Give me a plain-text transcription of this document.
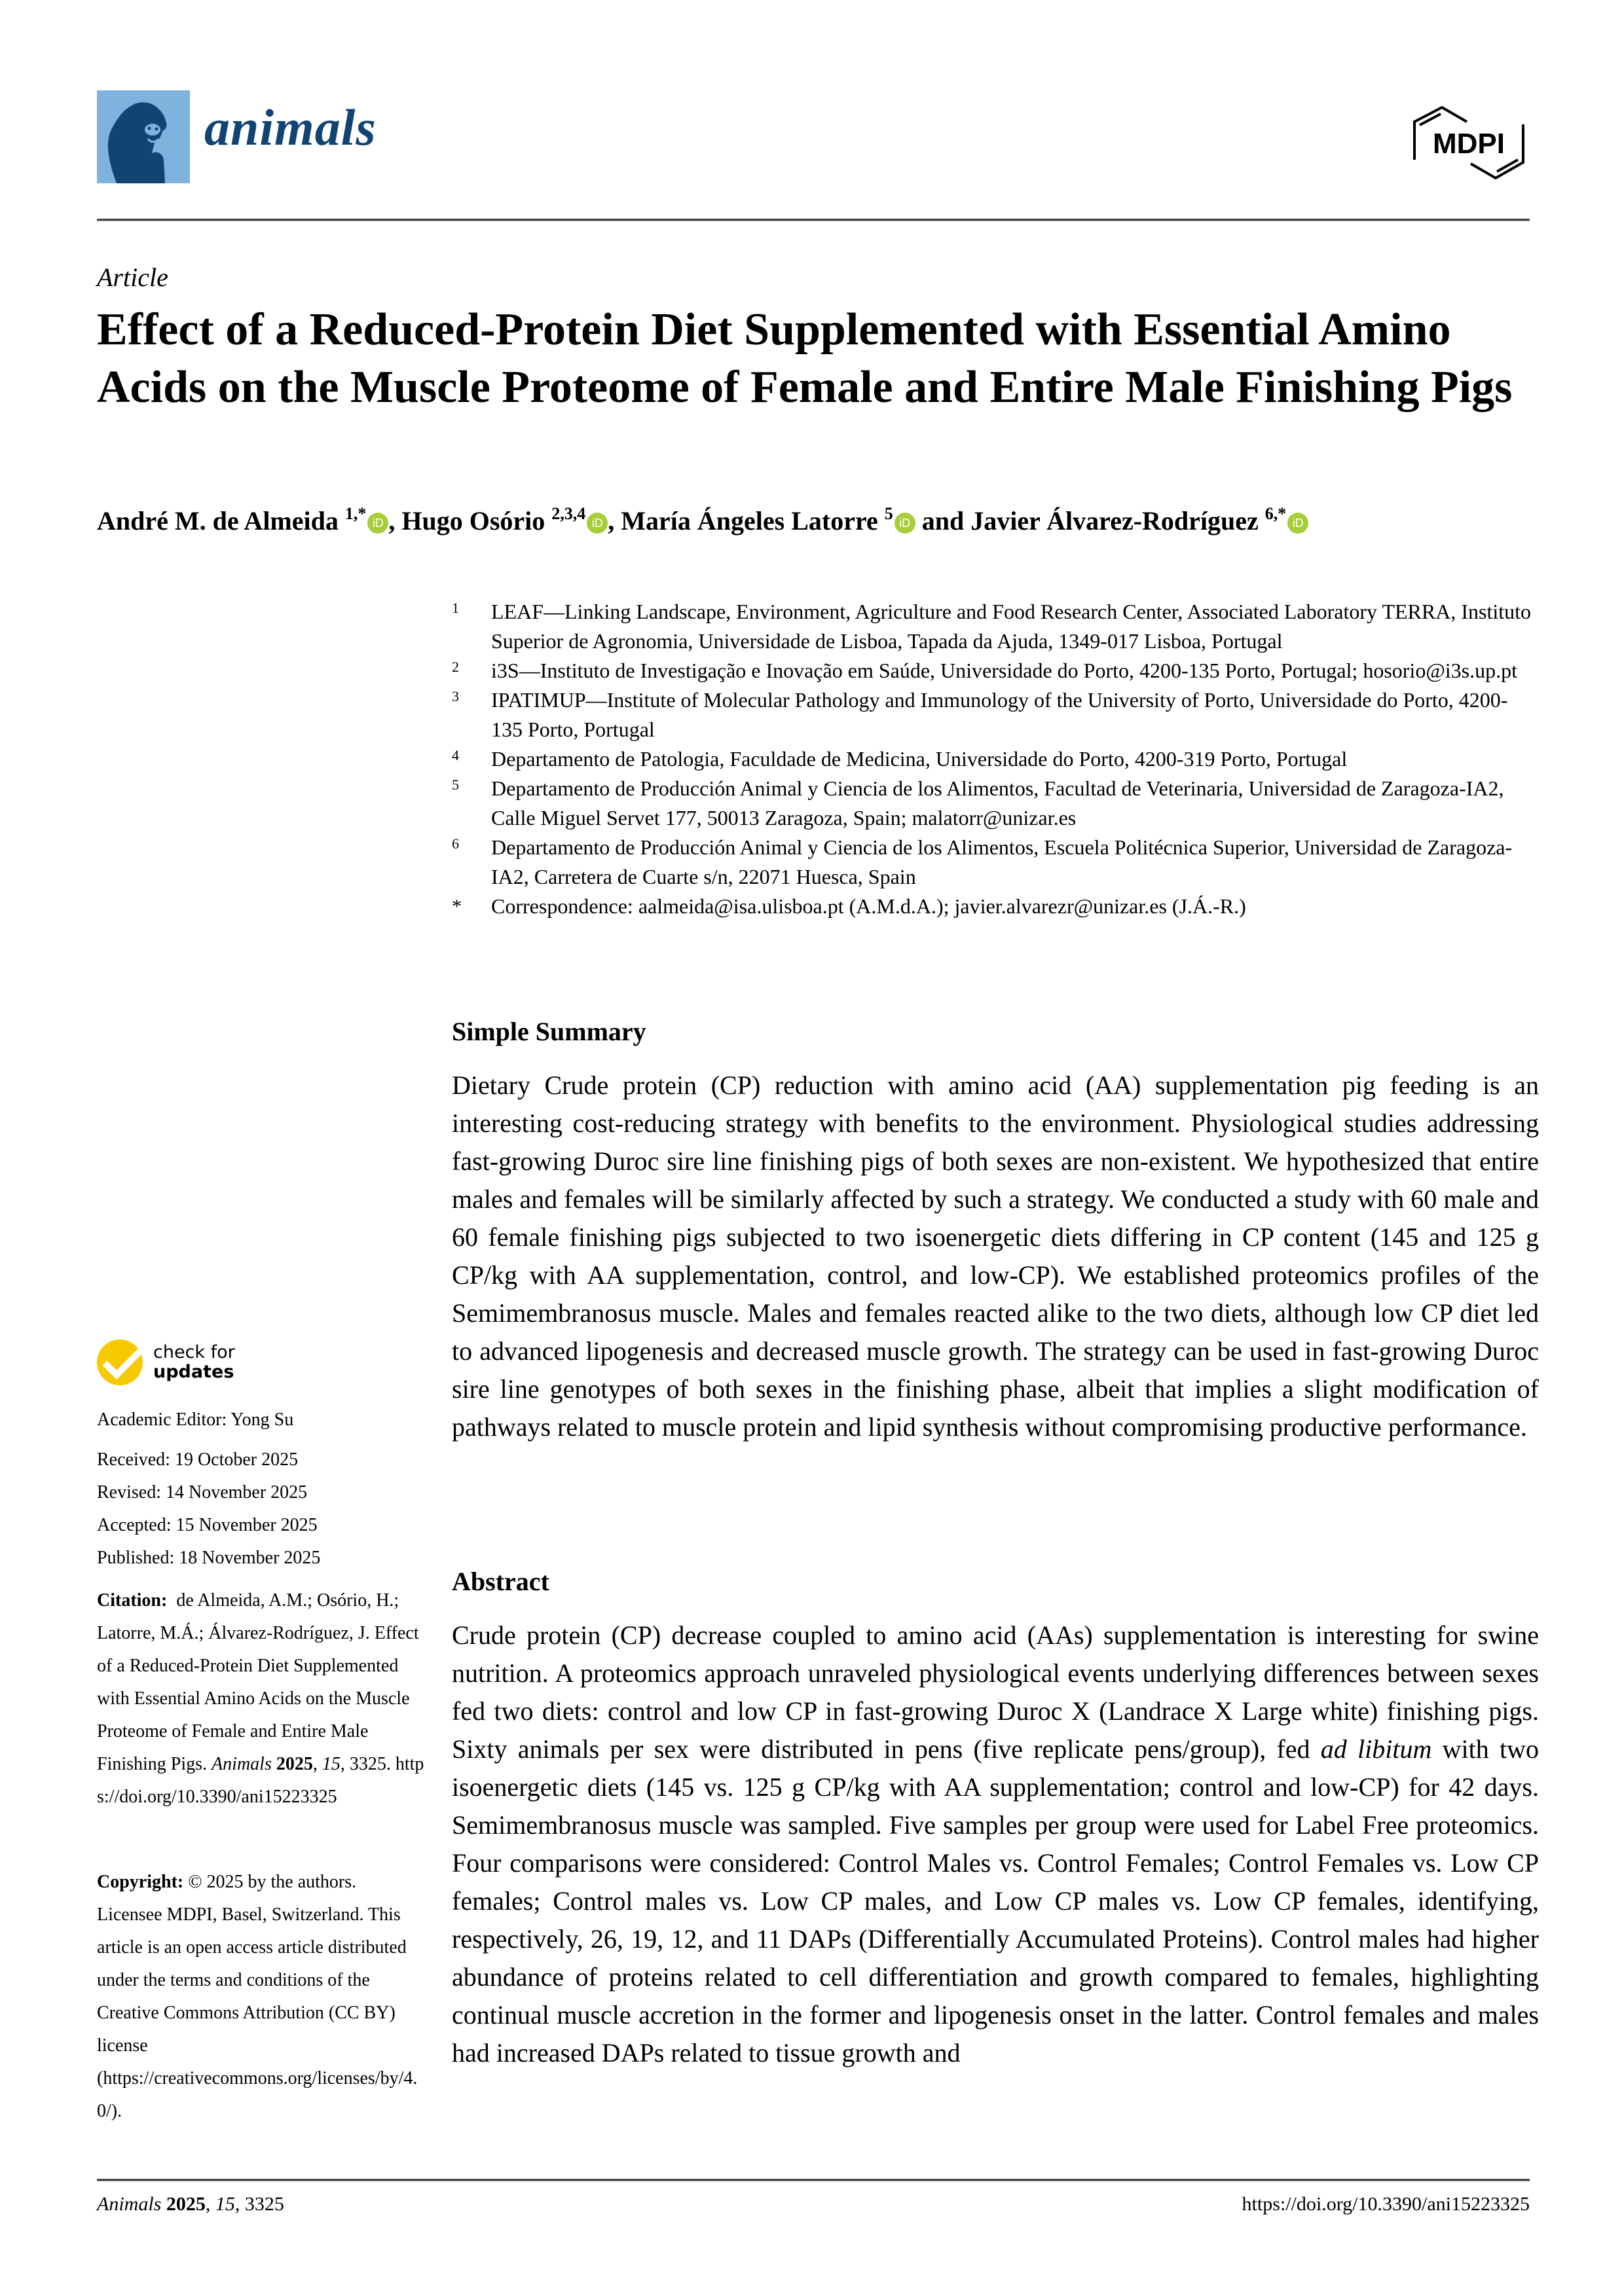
animals	MDPI
Article
Effect of a Reduced-Protein Diet Supplemented with Essential Amino Acids on the Muscle Proteome of Female and Entire Male Finishing Pigs
André M. de Almeida $^{1,*}$ iD , Hugo Osório $^{2,3,4}$ iD , María Ángeles Latorre $^5$ iD and Javier Álvarez-Rodríguez $^{6,*}$ iD
1 LEAF—Linking Landscape, Environment, Agriculture and Food Research Center, Associated Laboratory TERRA, Instituto Superior de Agronomia, Universidade de Lisboa, Tapada da Ajuda, 1349-017 Lisboa, Portugal
2 i3S—Instituto de Investigação e Inovação em Saúde, Universidade do Porto, 4200-135 Porto, Portugal; hosorio@i3s.up.pt
3 IPATIMUP—Institute of Molecular Pathology and Immunology of the University of Porto, Universidade do Porto, 4200-135 Porto, Portugal
4 Departamento de Patologia, Faculdade de Medicina, Universidade do Porto, 4200-319 Porto, Portugal
5 Departamento de Producción Animal y Ciencia de los Alimentos, Facultad de Veterinaria, Universidad de Zaragoza-IA2, Calle Miguel Servet 177, 50013 Zaragoza, Spain; malatorr@unizar.es
6 Departamento de Producción Animal y Ciencia de los Alimentos, Escuela Politécnica Superior, Universidad de Zaragoza-IA2, Carretera de Cuarte s/n, 22071 Huesca, Spain
* Correspondence: aalmeida@isa.ulisboa.pt (A.M.d.A.); javier.alvarezr@unizar.es (J.Á.-R.)
Simple Summary

Dietary Crude protein (CP) reduction with amino acid (AA) supplementation pig feeding is an interesting cost-reducing strategy with benefits to the environment. Physiological studies addressing fast-growing Duroc sire line finishing pigs of both sexes are non-existent. We hypothesized that entire males and females will be similarly affected by such a strategy. We conducted a study with 60 male and 60 female finishing pigs subjected to two isoenergetic diets differing in CP content (145 and 125 g CP/kg with AA supplementation, control, and low-CP). We established proteomics profiles of the Semimembranosus muscle. Males and females reacted alike to the two diets, although low CP diet led to advanced lipogenesis and decreased muscle growth. The strategy can be used in fast-growing Duroc sire line genotypes of both sexes in the finishing phase, albeit that implies a slight modification of pathways related to muscle protein and lipid synthesis without compromising productive performance.

Abstract

Crude protein (CP) decrease coupled to amino acid (AAs) supplementation is interesting for swine nutrition. A proteomics approach unraveled physiological events underlying differences between sexes fed two diets: control and low CP in fast-growing Duroc X (Landrace X Large white) finishing pigs. Sixty animals per sex were distributed in pens (five replicate pens/group), fed ad libitum with two isoenergetic diets (145 vs. 125 g CP/kg with AA supplementation; control and low-CP) for 42 days. Semimembranosus muscle was sampled. Five samples per group were used for Label Free proteomics. Four comparisons were considered: Control Males vs. Control Females; Control Females vs. Low CP females; Control males vs. Low CP males, and Low CP males vs. Low CP females, identifying, respectively, 26, 19, 12, and 11 DAPs (Differentially Accumulated Proteins). Control males had higher abundance of proteins related to cell differentiation and growth compared to females, highlighting continual muscle accretion in the former and lipogenesis onset in the latter. Control females and males had increased DAPs related to tissue growth and

check for
updates
Academic Editor: Yong Su
Received: 19 October 2025
Revised: 14 November 2025
Accepted: 15 November 2025
Published: 18 November 2025
Citation: de Almeida, A.M.; Osório, H.; Latorre, M.Á.; Álvarez-Rodríguez, J. Effect of a Reduced-Protein Diet Supplemented with Essential Amino Acids on the Muscle Proteome of Female and Entire Male Finishing Pigs. Animals 2025, 15, 3325. https://doi.org/10.3390/ani15223325
Copyright: © 2025 by the authors. Licensee MDPI, Basel, Switzerland. This article is an open access article distributed under the terms and conditions of the Creative Commons Attribution (CC BY) license (https://creativecommons.org/licenses/by/4.0/).
Animals 2025, 15, 3325	https://doi.org/10.3390/ani15223325
